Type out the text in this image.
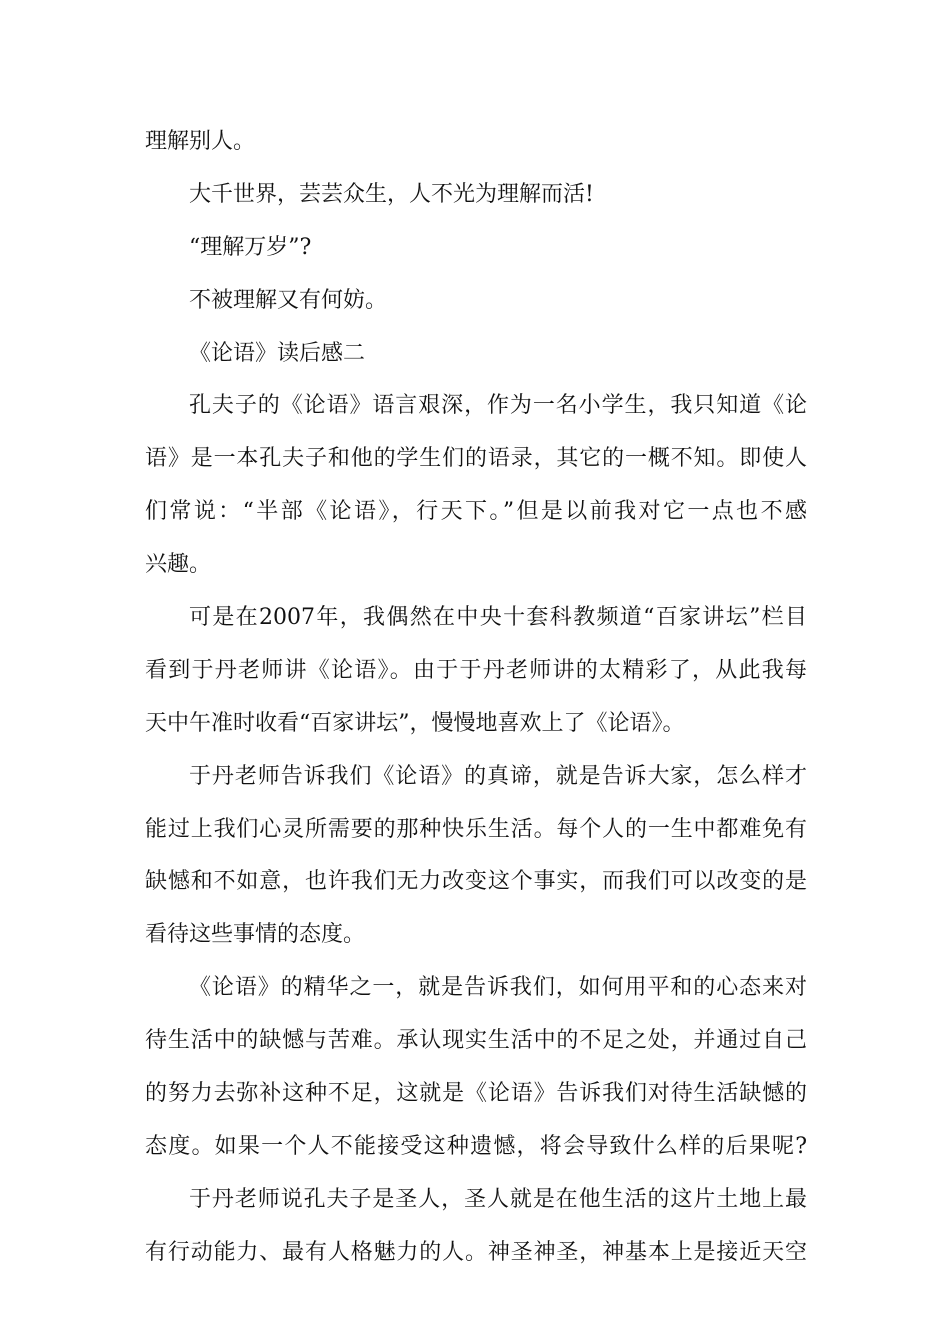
理解别人。
大千世界，芸芸众生，人不光为理解而活!
“理解万岁”?
不被理解又有何妨。
《论语》读后感二
孔夫子的《论语》语言艰深，作为一名小学生，我只知道《论
语》是一本孔夫子和他的学生们的语录，其它的一概不知。即使人
们常说：“半部《论语》，行天下。”但是以前我对它一点也不感
兴趣。
可是在2007年，我偶然在中央十套科教频道“百家讲坛”栏目
看到于丹老师讲《论语》。由于于丹老师讲的太精彩了，从此我每
天中午准时收看“百家讲坛”，慢慢地喜欢上了《论语》。
于丹老师告诉我们《论语》的真谛，就是告诉大家，怎么样才
能过上我们心灵所需要的那种快乐生活。每个人的一生中都难免有
缺憾和不如意，也许我们无力改变这个事实，而我们可以改变的是
看待这些事情的态度。
《论语》的精华之一，就是告诉我们，如何用平和的心态来对
待生活中的缺憾与苦难。承认现实生活中的不足之处，并通过自己
的努力去弥补这种不足，这就是《论语》告诉我们对待生活缺憾的
态度。如果一个人不能接受这种遗憾，将会导致什么样的后果呢?
于丹老师说孔夫子是圣人，圣人就是在他生活的这片土地上最
有行动能力、最有人格魅力的人。神圣神圣，神基本上是接近天空
